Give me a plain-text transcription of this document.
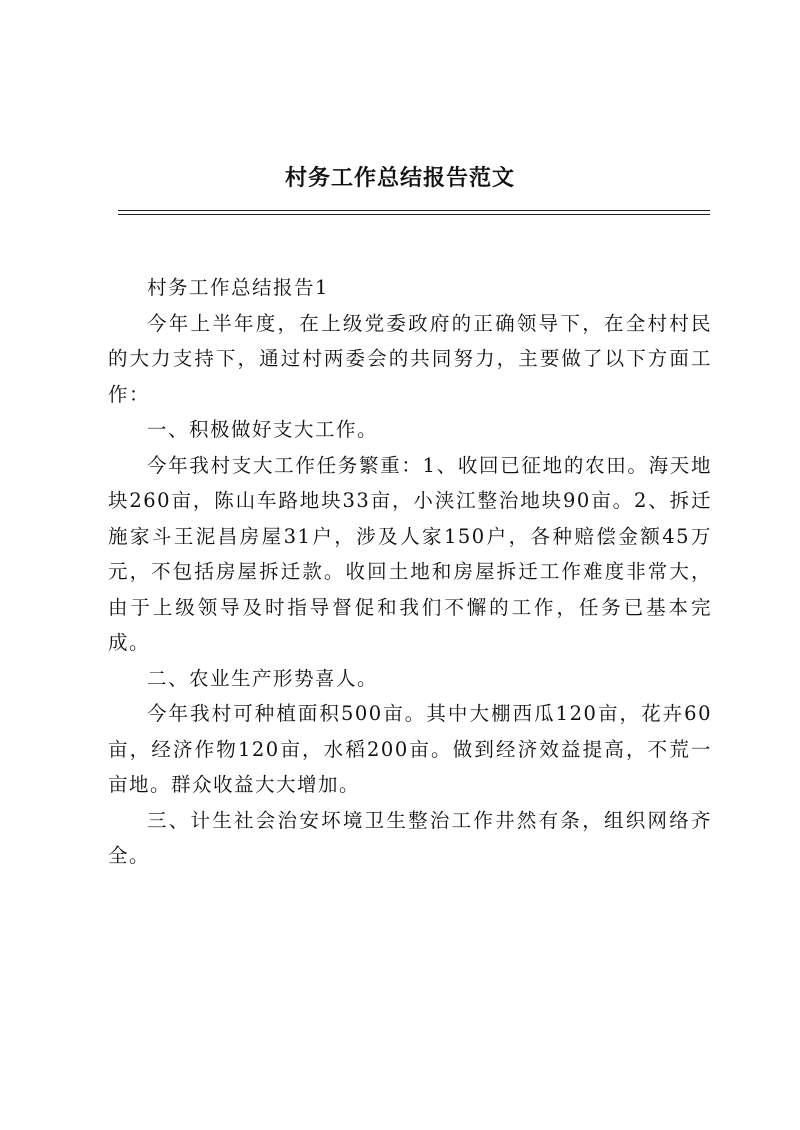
村务工作总结报告范文

村务工作总结报告1

今年上半年度，在上级党委政府的正确领导下，在全村村民的大力支持下，通过村两委会的共同努力，主要做了以下方面工作：

一、积极做好支大工作。

今年我村支大工作任务繁重：1、收回已征地的农田。海天地块260亩，陈山车路地块33亩，小浃江整治地块90亩。2、拆迁施家斗王泥昌房屋31户，涉及人家150户，各种赔偿金额45万元，不包括房屋拆迁款。收回土地和房屋拆迁工作难度非常大，由于上级领导及时指导督促和我们不懈的工作，任务已基本完成。

二、农业生产形势喜人。

今年我村可种植面积500亩。其中大棚西瓜120亩，花卉60亩，经济作物120亩，水稻200亩。做到经济效益提高，不荒一亩地。群众收益大大增加。

三、计生社会治安坏境卫生整治工作井然有条，组织网络齐全。
